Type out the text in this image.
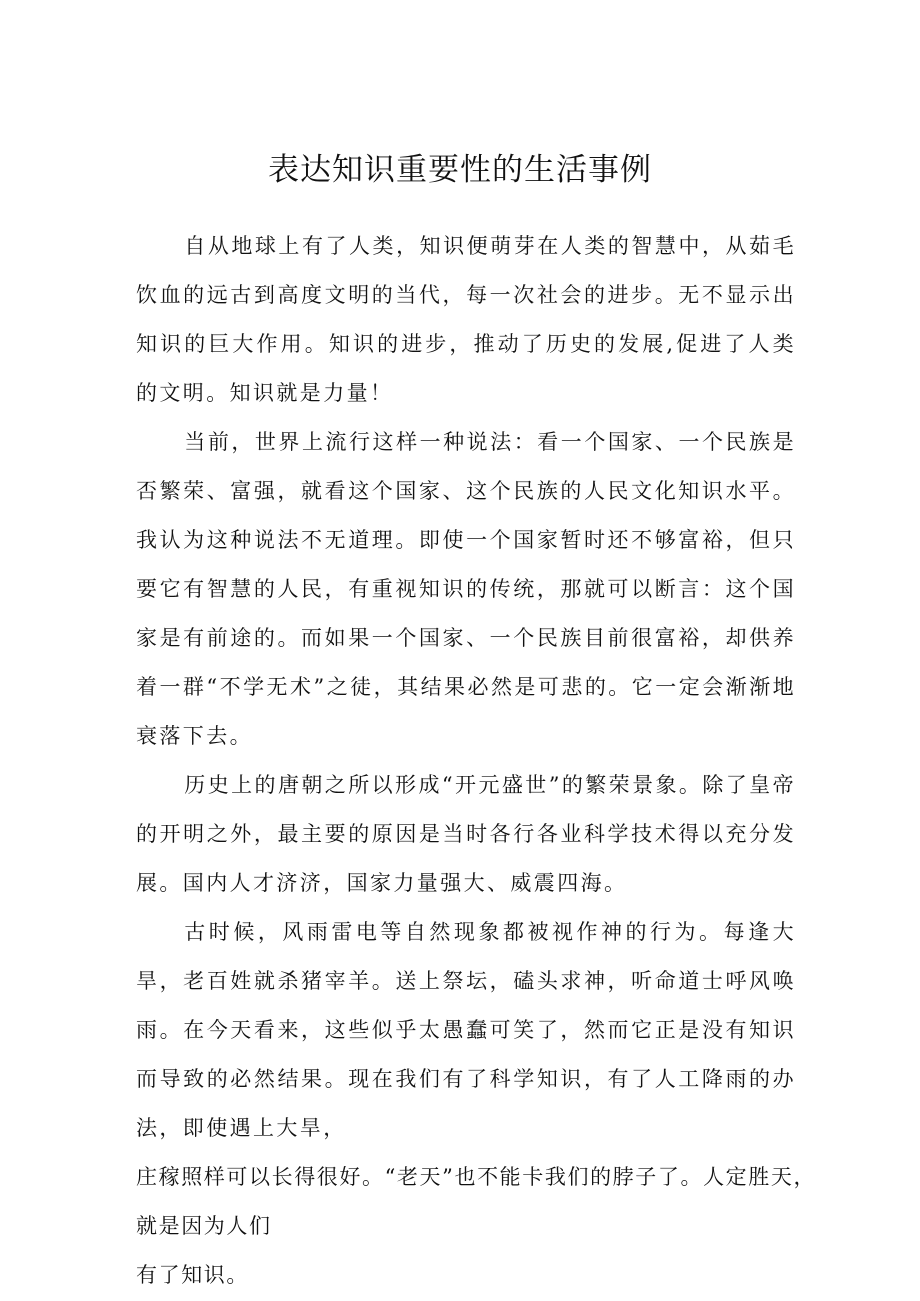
表达知识重要性的生活事例

自从地球上有了人类，知识便萌芽在人类的智慧中，从茹毛饮血的远古到高度文明的当代，每一次社会的进步。无不显示出知识的巨大作用。知识的进步，推动了历史的发展,促进了人类的文明。知识就是力量！

当前，世界上流行这样一种说法：看一个国家、一个民族是否繁荣、富强，就看这个国家、这个民族的人民文化知识水平。我认为这种说法不无道理。即使一个国家暂时还不够富裕，但只要它有智慧的人民，有重视知识的传统，那就可以断言：这个国家是有前途的。而如果一个国家、一个民族目前很富裕，却供养着一群“不学无术”之徒，其结果必然是可悲的。它一定会渐渐地衰落下去。

历史上的唐朝之所以形成“开元盛世”的繁荣景象。除了皇帝的开明之外，最主要的原因是当时各行各业科学技术得以充分发展。国内人才济济，国家力量强大、威震四海。

古时候，风雨雷电等自然现象都被视作神的行为。每逢大旱，老百姓就杀猪宰羊。送上祭坛，磕头求神，听命道士呼风唤雨。在今天看来，这些似乎太愚蠢可笑了，然而它正是没有知识而导致的必然结果。现在我们有了科学知识，有了人工降雨的办法，即使遇上大旱，

庄稼照样可以长得很好。“老天”也不能卡我们的脖子了。人定胜天，
就是因为人们
有了知识。
